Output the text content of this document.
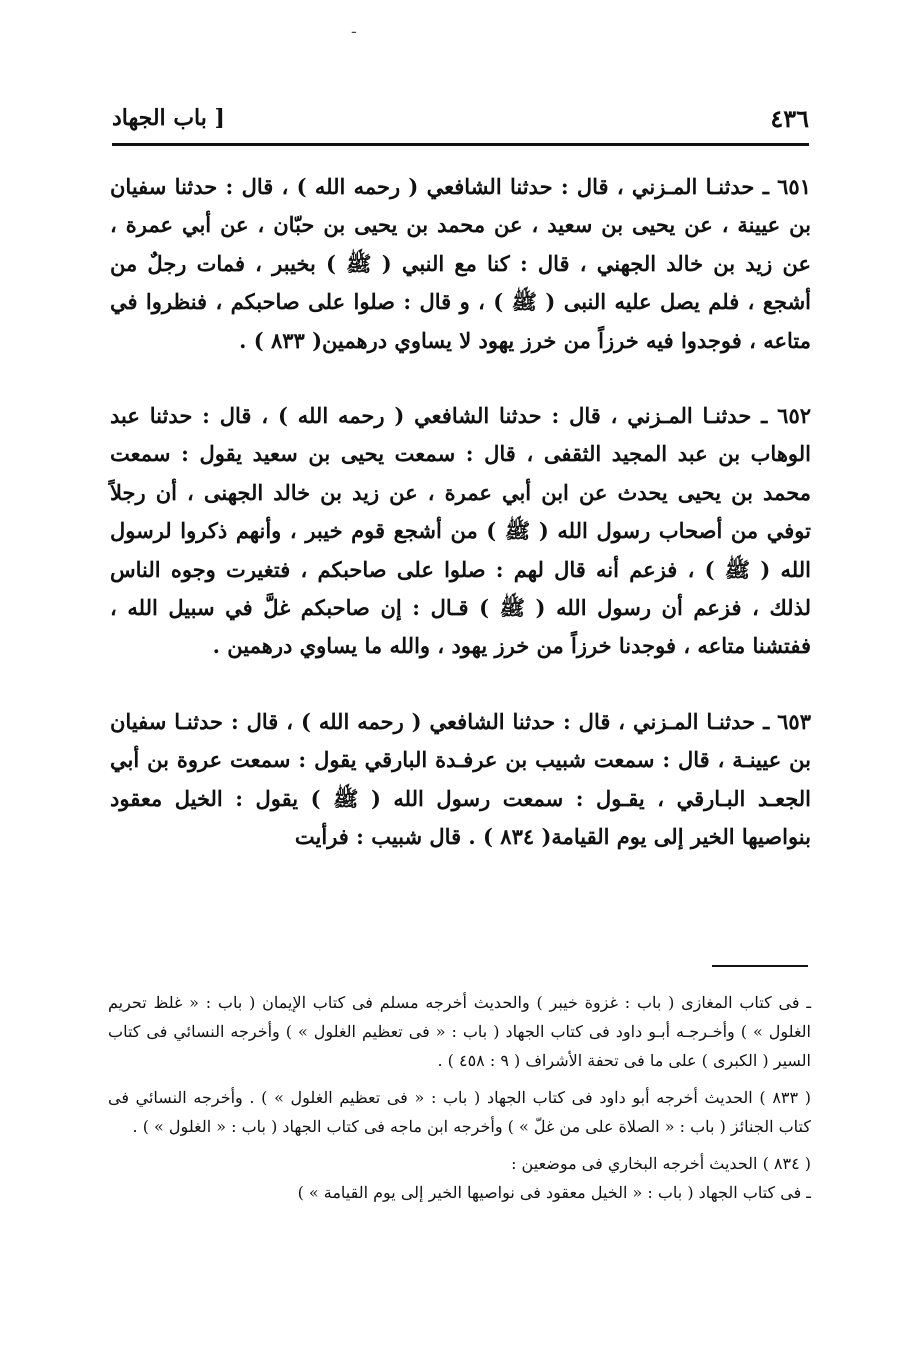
ـ
٤٣٦
[ باب الجهاد

٦٥١ ـ حدثنـا المـزني ، قال : حدثنا الشافعي ( رحمه الله ) ، قال : حدثنا سفيان بن عيينة ، عن يحيى بن سعيد ، عن محمد بن يحيى بن حبّان ، عن أبي عمرة ، عن زيد بن خالد الجهني ، قال : كنا مع النبي ( ﷺ ) بخيبر ، فمات رجلٌ من أشجع ، فلم يصل عليه النبى ( ﷺ ) ، و قال : صلوا على صاحبكم ، فنظروا في متاعه ، فوجدوا فيه خرزاً من خرز يهود لا يساوي درهمين( ٨٣٣ ) .

٦٥٢ ـ حدثنـا المـزني ، قال : حدثنا الشافعي ( رحمه الله ) ، قال : حدثنا عبد الوهاب بن عبد المجيد الثقفى ، قال : سمعت يحيى بن سعيد يقول : سمعت محمد بن يحيى يحدث عن ابن أبي عمرة ، عن زيد بن خالد الجهنى ، أن رجلاً توفي من أصحاب رسول الله ( ﷺ ) من أشجع قوم خيبر ، وأنهم ذكروا لرسول الله ( ﷺ ) ، فزعم أنه قال لهم : صلوا على صاحبكم ، فتغيرت وجوه الناس لذلك ، فزعم أن رسول الله ( ﷺ ) قـال : إن صاحبكم غلَّ في سبيل الله ، ففتشنا متاعه ، فوجدنا خرزاً من خرز يهود ، والله ما يساوي درهمين .

٦٥٣ ـ حدثنـا المـزني ، قال : حدثنا الشافعي ( رحمه الله ) ، قال : حدثنـا سفيان بن عيينـة ، قال : سمعت شبيب بن عرفـدة البارقي يقول : سمعت عروة بن أبي الجعـد البـارقي ، يقـول : سمعت رسول الله ( ﷺ ) يقول : الخيل معقود بنواصيها الخير إلى يوم القيامة( ٨٣٤ ) . قال شبيب : فرأيت

ـ فى كتاب المغازى ( باب : غزوة خيبر ) والحديث أخرجه مسلم فى كتاب الإيمان ( باب : « غلظ تحريم الغلول » ) وأخـرجـه أبـو داود فى كتاب الجهاد ( باب : « فى تعظيم الغلول » ) وأخرجه النسائي فى كتاب السير ( الكبرى ) على ما فى تحفة الأشراف ( ٩ : ٤٥٨ ) .

( ٨٣٣ ) الحديث أخرجه أبو داود فى كتاب الجهاد ( باب : « فى تعظيم الغلول » ) . وأخرجه النسائي فى كتاب الجنائز ( باب : « الصلاة على من غلّ » ) وأخرجه ابن ماجه فى كتاب الجهاد ( باب : « الغلول » ) .

( ٨٣٤ ) الحديث أخرجه البخاري فى موضعين :

ـ فى كتاب الجهاد ( باب : « الخيل معقود فى نواصيها الخير إلى يوم القيامة » )
